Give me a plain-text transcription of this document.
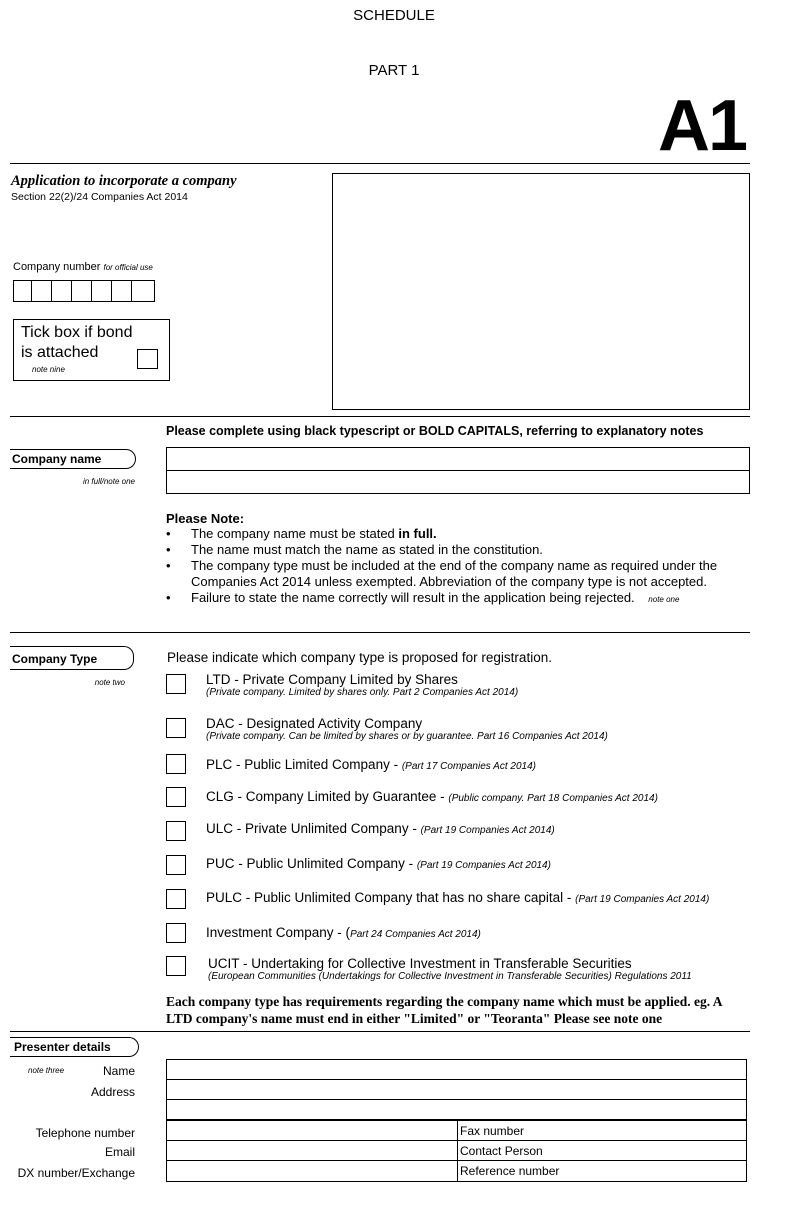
SCHEDULE
PART 1
A1
Application to incorporate a company
Section 22(2)/24 Companies Act 2014
Company number for official use
Tick box if bond
is attached
note nine
Please complete using black typescript or BOLD CAPITALS, referring to explanatory notes
Company name
in full/note one
Please Note:
• The company name must be stated in full.
• The name must match the name as stated in the constitution.
• The company type must be included at the end of the company name as required under the Companies Act 2014 unless exempted. Abbreviation of the company type is not accepted.
• Failure to state the name correctly will result in the application being rejected. note one
Company Type
note two
Please indicate which company type is proposed for registration.
LTD - Private Company Limited by Shares
(Private company. Limited by shares only. Part 2 Companies Act 2014)
DAC - Designated Activity Company
(Private company. Can be limited by shares or by guarantee. Part 16 Companies Act 2014)
PLC - Public Limited Company - (Part 17 Companies Act 2014)
CLG - Company Limited by Guarantee - (Public company. Part 18 Companies Act 2014)
ULC - Private Unlimited Company - (Part 19 Companies Act 2014)
PUC - Public Unlimited Company - (Part 19 Companies Act 2014)
PULC - Public Unlimited Company that has no share capital - (Part 19 Companies Act 2014)
Investment Company - (Part 24 Companies Act 2014)
UCIT - Undertaking for Collective Investment in Transferable Securities
(European Communities (Undertakings for Collective Investment in Transferable Securities) Regulations 2011
Each company type has requirements regarding the company name which must be applied. eg. A
LTD company's name must end in either "Limited" or "Teoranta" Please see note one
Presenter details
note three	Name
Address
Telephone number
Email
DX number/Exchange
Fax number
Contact Person
Reference number
